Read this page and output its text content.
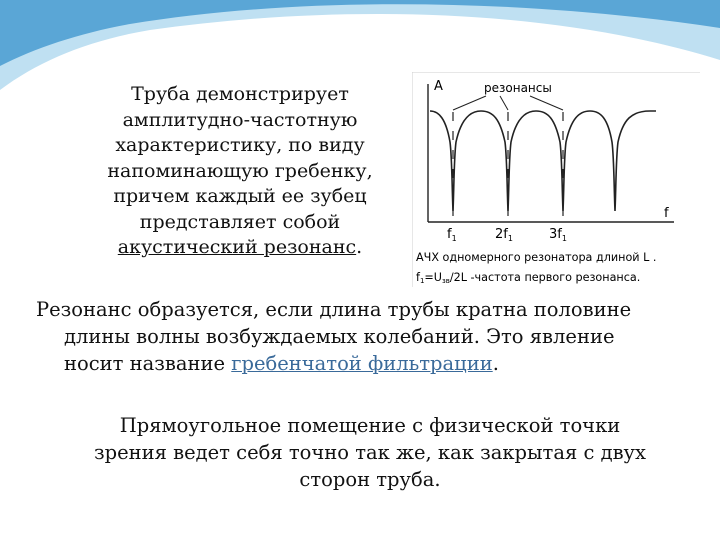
Труба демонстрирует
амплитудно-частотную
характеристику, по виду
напоминающую гребенку,
причем каждый ее зубец
представляет собой
акустический резонанс.
A	резонансы
f
$f_1$	$2f_1$	$3f_1$
АЧХ одномерного резонатора длиной L .
f1=Uзв/2L -частота первого резонанса.
Резонанс образуется, если длина трубы кратна половине
длины волны возбуждаемых колебаний. Это явление
носит название гребенчатой фильтрации.
Прямоугольное помещение с физической точки
зрения ведет себя точно так же, как закрытая с двух
сторон труба.
